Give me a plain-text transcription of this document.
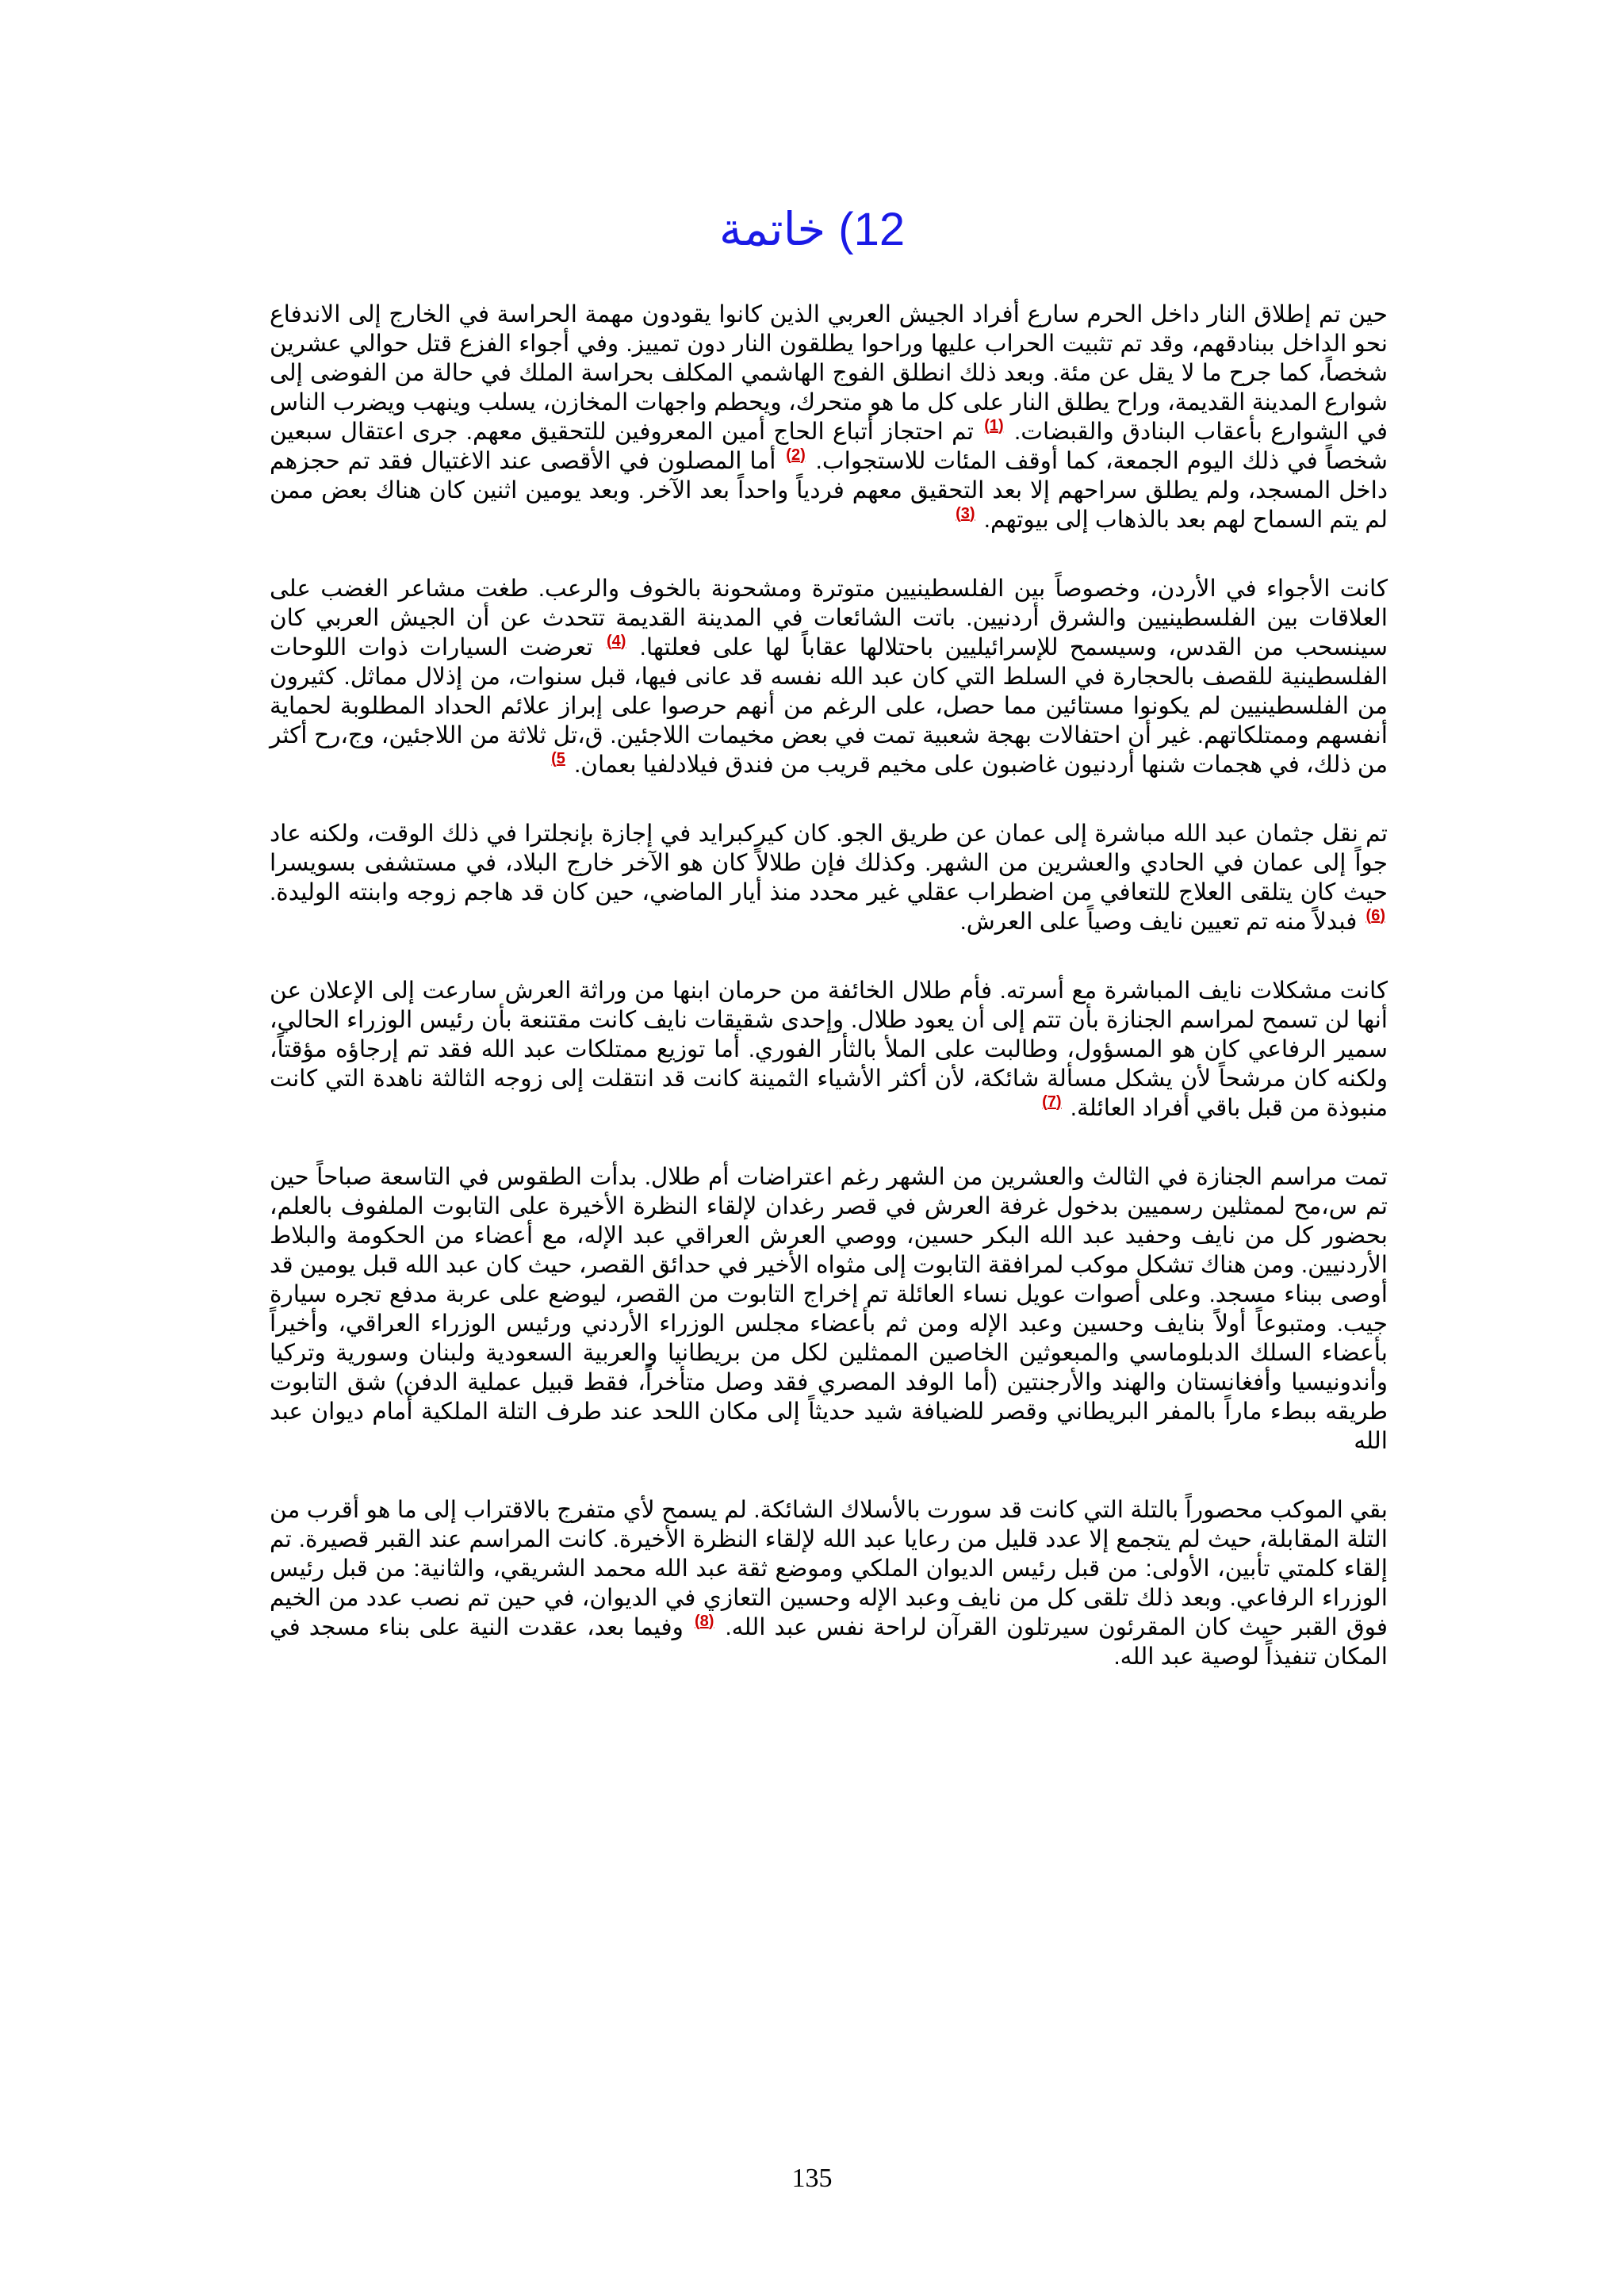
12) خاتمة

حين تم إطلاق النار داخل الحرم سارع أفراد الجيش العربي الذين كانوا يقودون مهمة الحراسة في الخارج إلى الاندفاع نحو الداخل ببنادقهم، وقد تم تثبيت الحراب عليها وراحوا يطلقون النار دون تمييز. وفي أجواء الفزع قتل حوالي عشرين شخصاً، كما جرح ما لا يقل عن مئة. وبعد ذلك انطلق الفوج الهاشمي المكلف بحراسة الملك في حالة من الفوضى إلى شوارع المدينة القديمة، وراح يطلق النار على كل ما هو متحرك، ويحطم واجهات المخازن، يسلب وينهب ويضرب الناس في الشوارع بأعقاب البنادق والقبضات. $^{(1)}$ تم احتجاز أتباع الحاج أمين المعروفين للتحقيق معهم. جرى اعتقال سبعين شخصاً في ذلك اليوم الجمعة، كما أوقف المئات للاستجواب. $^{(2)}$ أما المصلون في الأقصى عند الاغتيال فقد تم حجزهم داخل المسجد، ولم يطلق سراحهم إلا بعد التحقيق معهم فردياً واحداً بعد الآخر. وبعد يومين اثنين كان هناك بعض ممن لم يتم السماح لهم بعد بالذهاب إلى بيوتهم. $^{(3)}$

كانت الأجواء في الأردن، وخصوصاً بين الفلسطينيين متوترة ومشحونة بالخوف والرعب. طغت مشاعر الغضب على العلاقات بين الفلسطينيين والشرق أردنيين. باتت الشائعات في المدينة القديمة تتحدث عن أن الجيش العربي كان سينسحب من القدس، وسيسمح للإسرائيليين باحتلالها عقاباً لها على فعلتها. $^{(4)}$ تعرضت السيارات ذوات اللوحات الفلسطينية للقصف بالحجارة في السلط التي كان عبد الله نفسه قد عانى فيها، قبل سنوات، من إذلال مماثل. كثيرون من الفلسطينيين لم يكونوا مستائين مما حصل، على الرغم من أنهم حرصوا على إبراز علائم الحداد المطلوبة لحماية أنفسهم وممتلكاتهم. غير أن احتفالات بهجة شعبية تمت في بعض مخيمات اللاجئين. ق،تل ثلاثة من اللاجئين، وج،رح أكثر من ذلك، في هجمات شنها أردنيون غاضبون على مخيم قريب من فندق فيلادلفيا بعمان. $^{5)}$

تم نقل جثمان عبد الله مباشرة إلى عمان عن طريق الجو. كان كيركبرايد في إجازة بإنجلترا في ذلك الوقت، ولكنه عاد جواً إلى عمان في الحادي والعشرين من الشهر. وكذلك فإن طلالاً كان هو الآخر خارج البلاد، في مستشفى بسويسرا حيث كان يتلقى العلاج للتعافي من اضطراب عقلي غير محدد منذ أيار الماضي، حين كان قد هاجم زوجه وابنته الوليدة. $^{(6)}$ فبدلاً منه تم تعيين نايف وصياً على العرش.

كانت مشكلات نايف المباشرة مع أسرته. فأم طلال الخائفة من حرمان ابنها من وراثة العرش سارعت إلى الإعلان عن أنها لن تسمح لمراسم الجنازة بأن تتم إلى أن يعود طلال. وإحدى شقيقات نايف كانت مقتنعة بأن رئيس الوزراء الحالي، سمير الرفاعي كان هو المسؤول، وطالبت على الملأ بالثأر الفوري. أما توزيع ممتلكات عبد الله فقد تم إرجاؤه مؤقتاً، ولكنه كان مرشحاً لأن يشكل مسألة شائكة، لأن أكثر الأشياء الثمينة كانت قد انتقلت إلى زوجه الثالثة ناهدة التي كانت منبوذة من قبل باقي أفراد العائلة. $^{(7)}$

تمت مراسم الجنازة في الثالث والعشرين من الشهر رغم اعتراضات أم طلال. بدأت الطقوس في التاسعة صباحاً حين تم س،مح لممثلين رسميين بدخول غرفة العرش في قصر رغدان لإلقاء النظرة الأخيرة على التابوت الملفوف بالعلم، بحضور كل من نايف وحفيد عبد الله البكر حسين، ووصي العرش العراقي عبد الإله، مع أعضاء من الحكومة والبلاط الأردنيين. ومن هناك تشكل موكب لمرافقة التابوت إلى مثواه الأخير في حدائق القصر، حيث كان عبد الله قبل يومين قد أوصى ببناء مسجد. وعلى أصوات عويل نساء العائلة تم إخراج التابوت من القصر، ليوضع على عربة مدفع تجره سيارة جيب. ومتبوعاً أولاً بنايف وحسين وعبد الإله ومن ثم بأعضاء مجلس الوزراء الأردني ورئيس الوزراء العراقي، وأخيراً بأعضاء السلك الدبلوماسي والمبعوثين الخاصين الممثلين لكل من بريطانيا والعربية السعودية ولبنان وسورية وتركيا وأندونيسيا وأفغانستان والهند والأرجنتين (أما الوفد المصري فقد وصل متأخراً، فقط قبيل عملية الدفن) شق التابوت طريقه ببطء ماراً بالمفر البريطاني وقصر للضيافة شيد حديثاً إلى مكان اللحد عند طرف التلة الملكية أمام ديوان عبد الله

بقي الموكب محصوراً بالتلة التي كانت قد سورت بالأسلاك الشائكة. لم يسمح لأي متفرج بالاقتراب إلى ما هو أقرب من التلة المقابلة، حيث لم يتجمع إلا عدد قليل من رعايا عبد الله لإلقاء النظرة الأخيرة. كانت المراسم عند القبر قصيرة. تم إلقاء كلمتي تأبين، الأولى: من قبل رئيس الديوان الملكي وموضع ثقة عبد الله محمد الشريقي، والثانية: من قبل رئيس الوزراء الرفاعي. وبعد ذلك تلقى كل من نايف وعبد الإله وحسين التعازي في الديوان، في حين تم نصب عدد من الخيم فوق القبر حيث كان المقرئون سيرتلون القرآن لراحة نفس عبد الله. $^{(8)}$ وفيما بعد، عقدت النية على بناء مسجد في المكان تنفيذاً لوصية عبد الله.

135
